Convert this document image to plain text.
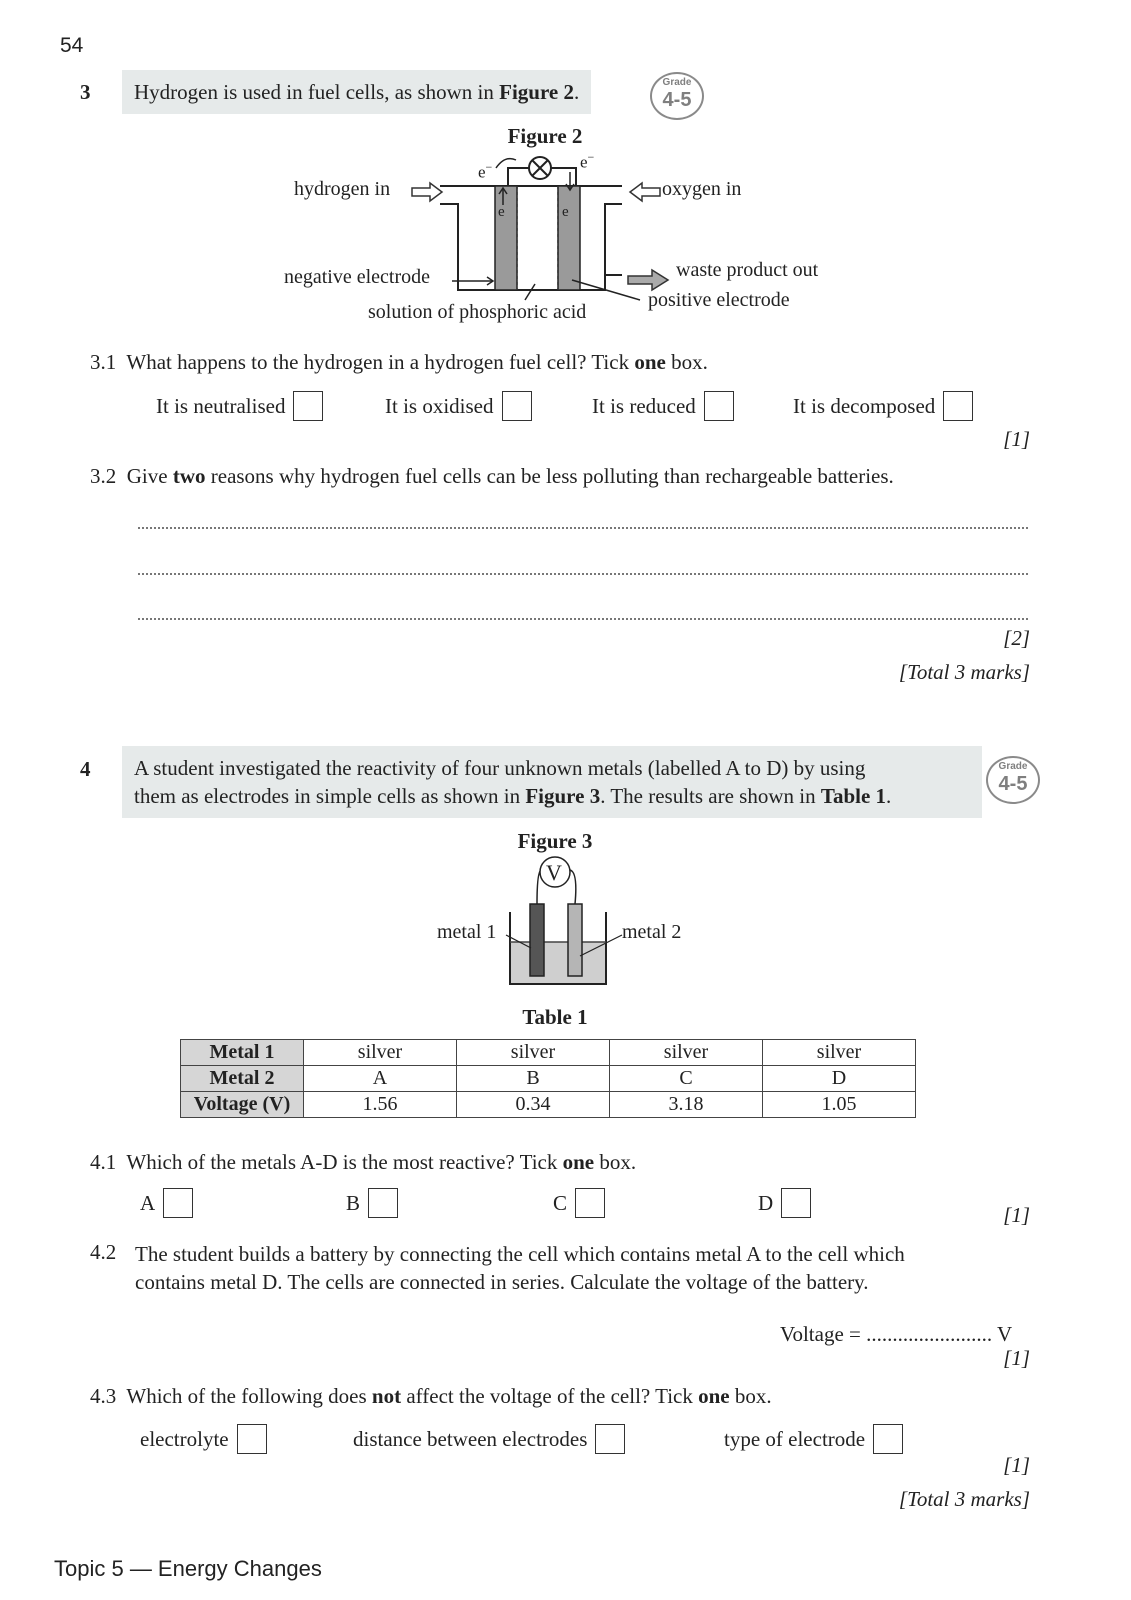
54
3	Hydrogen is used in fuel cells, as shown in Figure 2.	Grade
4-5
Figure 2
hydrogen in	oxygen in
negative electrode	waste product out
positive electrode
solution of phosphoric acid
e−	e−
e	e
3.1 What happens to the hydrogen in a hydrogen fuel cell? Tick one box.
It is neutralised	It is oxidised	It is reduced	It is decomposed
[1]
3.2 Give two reasons why hydrogen fuel cells can be less polluting than rechargeable batteries.
[2]
[Total 3 marks]
4 A student investigated the reactivity of four unknown metals (labelled A to D) by using
them as electrodes in simple cells as shown in Figure 3. The results are shown in Table 1.
Grade
4-5
Figure 3
V
metal 1	metal 2
Table 1
Metal 1	silver	silver	silver	silver
Metal 2	A	B	C	D
Voltage (V)	1.56	0.34	3.18	1.05
4.1 Which of the metals A-D is the most reactive? Tick one box.
A	B	C	D
[1]
4.2 The student builds a battery by connecting the cell which contains metal A to the cell which
contains metal D. The cells are connected in series. Calculate the voltage of the battery.
Voltage = ........................ V
[1]
4.3 Which of the following does not affect the voltage of the cell? Tick one box.
electrolyte	distance between electrodes	type of electrode
[1]
[Total 3 marks]
Topic 5 — Energy Changes
